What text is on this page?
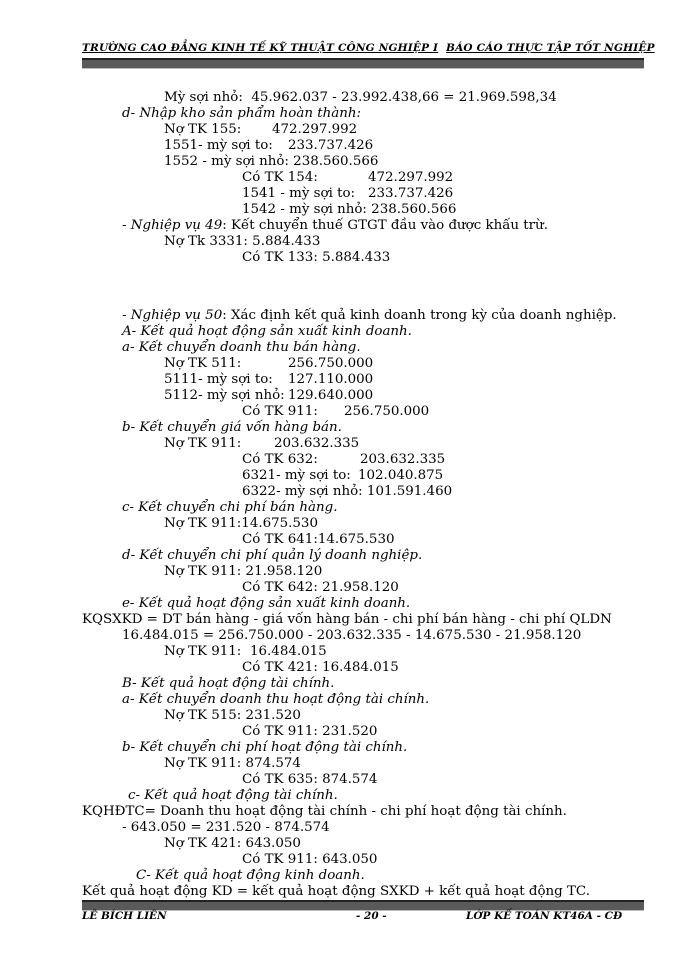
TRƯỜNG CAO ĐẲNG KINH TẾ KỸ THUẬT CÔNG NGHIỆP I BÁO CÁO THỰC TẬP TỐT NGHIỆP
Mỳ sợi nhỏ: 45.962.037 - 23.992.438,66 = 21.969.598,34
d- Nhập kho sản phẩm hoàn thành:
Nợ TK 155: 472.297.992
1551- mỳ sợi to: 233.737.426
1552 - mỳ sợi nhỏ: 238.560.566
Có TK 154:	472.297.992
1541 - mỳ sợi to: 233.737.426
1542 - mỳ sợi nhỏ: 238.560.566
- Nghiệp vụ 49: Kết chuyển thuế GTGT đầu vào được khấu trừ.
Nợ Tk 3331: 5.884.433
Có TK 133: 5.884.433
- Nghiệp vụ 50: Xác định kết quả kinh doanh trong kỳ của doanh nghiệp.
A- Kết quả hoạt động sản xuất kinh doanh.
a- Kết chuyển doanh thu bán hàng.
Nợ TK 511:	256.750.000
5111- mỳ sợi to: 127.110.000
5112- mỳ sợi nhỏ: 129.640.000
Có TK 911: 256.750.000
b- Kết chuyển giá vốn hàng bán.
Nợ TK 911: 203.632.335
Có TK 632:	203.632.335
6321- mỳ sợi to: 102.040.875
6322- mỳ sợi nhỏ: 101.591.460
c- Kết chuyển chi phí bán hàng.
Nợ TK 911:14.675.530
Có TK 641:14.675.530
d- Kết chuyển chi phí quản lý doanh nghiệp.
Nợ TK 911: 21.958.120
Có TK 642: 21.958.120
e- Kết quả hoạt động sản xuất kinh doanh.
KQSXKD = DT bán hàng - giá vốn hàng bán - chi phí bán hàng - chi phí QLDN
16.484.015 = 256.750.000 - 203.632.335 - 14.675.530 - 21.958.120
Nợ TK 911: 16.484.015
Có TK 421: 16.484.015
B- Kết quả hoạt động tài chính.
a- Kết chuyển doanh thu hoạt động tài chính.
Nợ TK 515: 231.520
Có TK 911: 231.520
b- Kết chuyển chi phí hoạt động tài chính.
Nợ TK 911: 874.574
Có TK 635: 874.574
c- Kết quả hoạt động tài chính.
KQHĐTC= Doanh thu hoạt động tài chính - chi phí hoạt động tài chính.
- 643.050 = 231.520 - 874.574
Nợ TK 421: 643.050
Có TK 911: 643.050
C- Kết quả hoạt động kinh doanh.
Kết quả hoạt động KD = kết quả hoạt động SXKD + kết quả hoạt động TC.
LÊ BÍCH LIÊN	- 20 -	LỚP KẾ TOÁN KT46A - CĐ
